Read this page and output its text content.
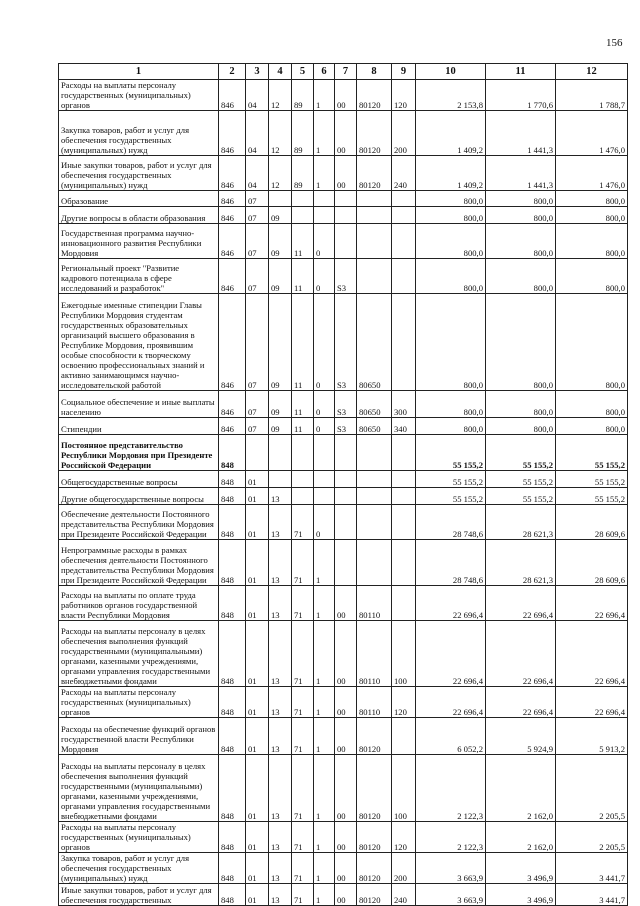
156
1	2	3	4	5	6	7	8	9	10	11	12
Расходы на выплаты персоналу государственных (муниципальных) органов	846	04	12	89	1	00	80120	120	2 153,8	1 770,6	1 788,7
Закупка товаров, работ и услуг для обеспечения государственных (муниципальных) нужд	846	04	12	89	1	00	80120	200	1 409,2	1 441,3	1 476,0
Иные закупки товаров, работ и услуг для обеспечения государственных (муниципальных) нужд	846	04	12	89	1	00	80120	240	1 409,2	1 441,3	1 476,0
Образование	846	07							800,0	800,0	800,0
Другие вопросы в области образования	846	07	09						800,0	800,0	800,0
Государственная программа научно-инновационного развития Республики Мордовия	846	07	09	11	0				800,0	800,0	800,0
Региональный проект "Развитие кадрового потенциала в сфере исследований и разработок"	846	07	09	11	0	S3			800,0	800,0	800,0
Ежегодные именные стипендии Главы Республики Мордовия студентам государственных образовательных организаций высшего образования в Республике Мордовия, проявившим особые способности к творческому освоению профессиональных знаний и активно занимающимся научно-исследовательской работой	846	07	09	11	0	S3	80650		800,0	800,0	800,0
Социальное обеспечение и иные выплаты населению	846	07	09	11	0	S3	80650	300	800,0	800,0	800,0
Стипендии	846	07	09	11	0	S3	80650	340	800,0	800,0	800,0
Постоянное представительство Республики Мордовия при Президенте Российской Федерации	848								55 155,2	55 155,2	55 155,2
Общегосударственные вопросы	848	01							55 155,2	55 155,2	55 155,2
Другие общегосударственные вопросы	848	01	13						55 155,2	55 155,2	55 155,2
Обеспечение деятельности Постоянного представительства Республики Мордовия при Президенте Российской Федерации	848	01	13	71	0				28 748,6	28 621,3	28 609,6
Непрограммные расходы в рамках обеспечения деятельности Постоянного представительства Республики Мордовия при Президенте Российской Федерации	848	01	13	71	1				28 748,6	28 621,3	28 609,6
Расходы на выплаты по оплате труда работников органов государственной власти Республики Мордовия	848	01	13	71	1	00	80110		22 696,4	22 696,4	22 696,4
Расходы на выплаты персоналу в целях обеспечения выполнения функций государственными (муниципальными) органами, казенными учреждениями, органами управления государственными внебюджетными фондами	848	01	13	71	1	00	80110	100	22 696,4	22 696,4	22 696,4
Расходы на выплаты персоналу государственных (муниципальных) органов	848	01	13	71	1	00	80110	120	22 696,4	22 696,4	22 696,4
Расходы на обеспечение функций органов государственной власти Республики Мордовия	848	01	13	71	1	00	80120		6 052,2	5 924,9	5 913,2
Расходы на выплаты персоналу в целях обеспечения выполнения функций государственными (муниципальными) органами, казенными учреждениями, органами управления государственными внебюджетными фондами	848	01	13	71	1	00	80120	100	2 122,3	2 162,0	2 205,5
Расходы на выплаты персоналу государственных (муниципальных) органов	848	01	13	71	1	00	80120	120	2 122,3	2 162,0	2 205,5
Закупка товаров, работ и услуг для обеспечения государственных (муниципальных) нужд	848	01	13	71	1	00	80120	200	3 663,9	3 496,9	3 441,7
Иные закупки товаров, работ и услуг для обеспечения государственных	848	01	13	71	1	00	80120	240	3 663,9	3 496,9	3 441,7
